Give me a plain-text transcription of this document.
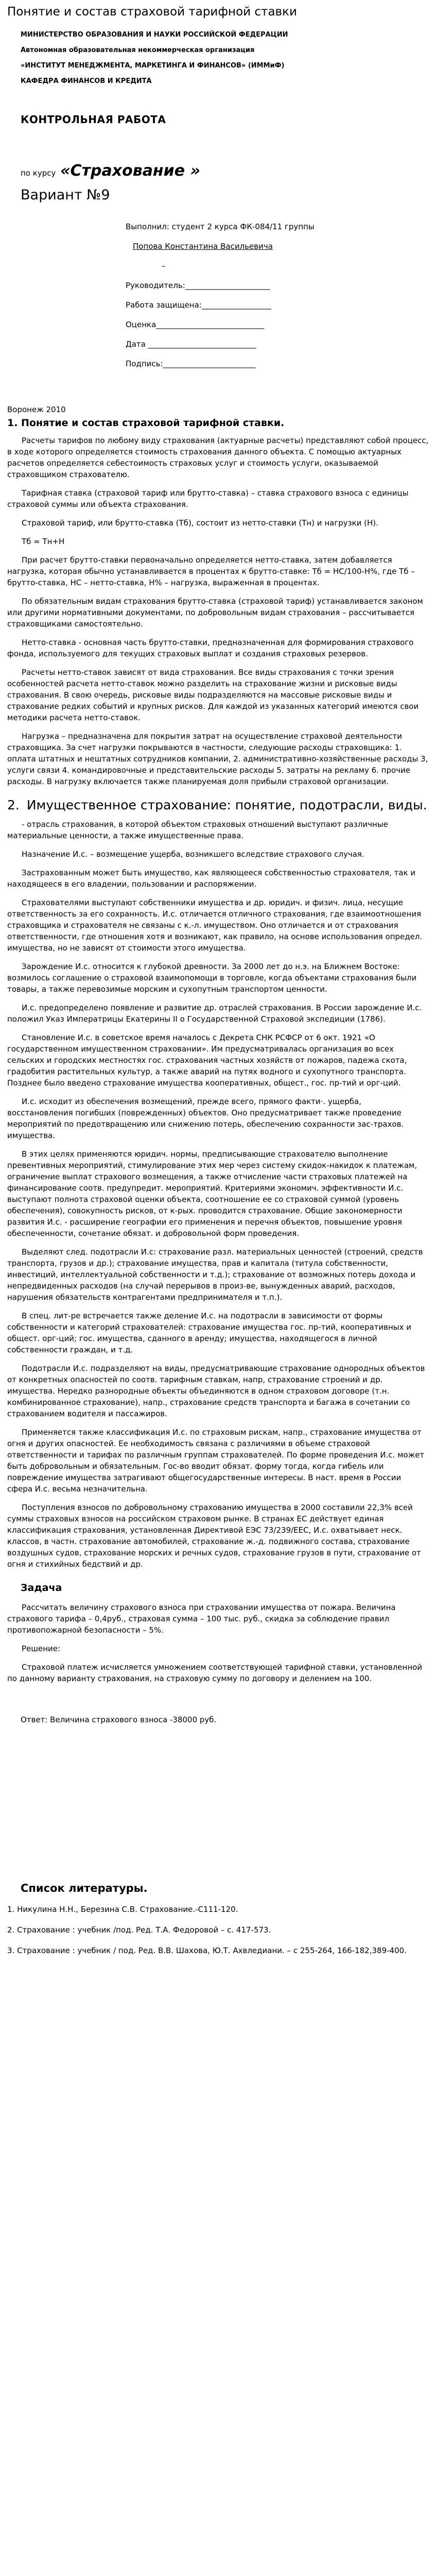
Понятие и состав страховой тарифной ставки
МИНИСТЕРСТВО ОБРАЗОВАНИЯ И НАУКИ РОССИЙСКОЙ ФЕДЕРАЦИИ
Автономная образовательная некоммерческая организация
«ИНСТИТУТ МЕНЕДЖМЕНТА, МАРКЕТИНГА И ФИНАНСОВ» (ИММиФ)
КАФЕДРА ФИНАНСОВ И КРЕДИТА
КОНТРОЛЬНАЯ РАБОТА
по курсу «Страхование »
Вариант №9
Выполнил: студент 2 курса ФК-084/11 группы
Попова Константина Васильевича
–
Руководитель:______________________
Работа защищена:__________________
Оценка____________________________
Дата ____________________________
Подпись:________________________
Воронеж 2010
1. Понятие и состав страховой тарифной ставки.

Расчеты тарифов по любому виду страхования (актуарные расчеты) представляют собой процесс, в ходе которого определяется стоимость страхования данного объекта. С помощью актуарных расчетов определяется себестоимость страховых услуг и стоимость услуги, оказываемой страховщиком страхователю.

Тарифная ставка (страховой тариф или брутто-ставка) – ставка страхового взноса с единицы страховой суммы или объекта страхования.

Страховой тариф, или брутто-ставка (Тб), состоит из нетто-ставки (Тн) и нагрузки (Н).

Тб = Тн+Н

При расчет брутто-ставки первоначально определяется нетто-ставка, затем добавляется нагрузка, которая обычно устанавливается в процентах к брутто-ставке: Тб = НС/100-Н%, где Тб – брутто-ставка, НС – нетто-ставка, Н% – нагрузка, выраженная в процентах.

По обязательным видам страхования брутто-ставка (страховой тариф) устанавливается законом или другими нормативными документами, по добровольным видам страхования – рассчитывается страховщиками самостоятельно.

Нетто-ставка - основная часть брутто-ставки, предназначенная для формирования страхового фонда, используемого для текущих страховых выплат и создания страховых резервов.

Расчеты нетто-ставок зависят от вида страхования. Все виды страхования с точки зрения особенностей расчета нетто-ставок можно разделить на страхование жизни и рисковые виды страхования. В свою очередь, рисковые виды подразделяются на массовые рисковые виды и страхование редких событий и крупных рисков. Для каждой из указанных категорий имеются свои методики расчета нетто-ставок.

Нагрузка – предназначена для покрытия затрат на осуществление страховой деятельности страховщика. За счет нагрузки покрываются в частности, следующие расходы страховщика: 1. оплата штатных и нештатных сотрудников компании, 2. административно-хозяйственные расходы 3, услуги связи 4. командировочные и представительские расходы 5. затраты на рекламу 6. прочие расходы. В нагрузку включается также планируемая доля прибыли страховой организации.

2. Имущественное страхование: понятие, подотрасли, виды.

- отрасль страхования, в которой объектом страховых отношений выступают различные материальные ценности, а также имущественные права.

Назначение И.с. – возмещение ущерба, возникшего вследствие страхового случая.

Застрахованным может быть имущество, как являющееся собственностью страхователя, так и находящееся в его владении, пользовании и распоряжении.

Страхователями выступают собственники имущества и др. юридич. и физич. лица, несущие ответственность за его сохранность. И.с. отличается отличного страхования, где взаимоотношения страховщика и страхователя не связаны с к.-л. имуществом. Оно отличается и от страхования ответственности, где отношения хотя и возникают, как правило, на основе использования определ. имущества, но не зависят от стоимости этого имущества.

Зарождение И.с. относится к глубокой древности. За 2000 лет до н.э. на Ближнем Востоке: возмилось соглашение о страховой взаимопомощи в торговле, когда объектами страхования были товары, а также перевозимые морским и сухопутным транспортом ценности.

И.с. предопределено появление и развитие др. отраслей страхования. В России зарождение И.с. положил Указ Императрицы Екатерины II о Государственной Страховой экспедиции (1786).

Становление И.с. в советское время началось с Декрета СНК РСФСР от 6 окт. 1921 «О государственном имущественном страховании». Им предусматривалась организация во всех сельских и городских местностях гос. страхования частных хозяйств от пожаров, падежа скота, градобития растительных культур, а также аварий на путях водного и сухопутного транспорта. Позднее было введено страхование имущества кооперативных, общест., гос. пр-тий и орг-ций.

И.с. исходит из обеспечения возмещений, прежде всего, прямого факти·. ущерба, восстановления погибших (поврежденных) объектов. Оно предусматривает также проведение мероприятий по предотвращению или снижению потерь, обеспечению сохранности зас-трахов. имущества.

В этих целях применяются юридич. нормы, предписывающие страхователю выполнение превентивных мероприятий, стимулирование этих мер через систему скидок-накидок к платежам, ограничение выплат страхового возмещения, а также отчисление части страховых платежей на финансирование соотв. предупредит. мероприятий. Критериями экономич. эффективности И.с. выступают полнота страховой оценки объекта, соотношение ее со страховой суммой (уровень обеспечения), совокупность рисков, от к-рых. проводится страхование. Общие закономерности развития И.с. - расширение географии его применения и перечня объектов, повышение уровня обеспеченности, сочетание обязат. и добровольной форм проведения.

Выделяют след. подотрасли И.с: страхование разл. материальных ценностей (строений, средств транспорта, грузов и др.); страхование имущества, прав и капитала (титула собственности, инвестиций, интеллектуальной собственности и т.д.); страхование от возможных потерь дохода и непредвиденных расходов (на случай перерывов в произ-ве, вынужденных аварий, расходов, нарушения обязательств контрагентами предпринимателя и т.п.).

В спец. лит-ре встречается также деление И.с. на подотрасли в зависимости от формы собственности и категорий страхователей: страхование имущества гос. пр-тий, кооперативных и общест. орг-ций; гос. имущества, сданного в аренду; имущества, находящегося в личной собственности граждан, и т.д.

Подотрасли И.с. подразделяют на виды, предусматривающие страхование однородных объектов от конкретных опасностей по соотв. тарифным ставкам, напр, страхование строений и др. имущества. Нередко разнородные объекты объединяются в одном страховом договоре (т.н. комбинированное страхование), напр., страхование средств транспорта и багажа в сочетании со страхованием водителя и пассажиров.

Применяется также классификация И.с. по страховым рискам, напр., страхование имущества от огня и других опасностей. Ее необходимость связана с различиями в объеме страховой ответственности и тарифах по различным группам страхователей. По форме проведения И.с. может быть добровольным и обязательным. Гос-во вводит обязат. форму тогда, когда гибель или повреждение имущества затрагивают общегосударственные интересы. В наст. время в России сфера И.с. весьма незначительна.

Поступления взносов по добровольному страхованию имущества в 2000 составили 22,3% всей суммы страховых взносов на российском страховом рынке. В странах ЕС действует единая классификация страхования, установленная Директивой ЕЭС 73/239/EEC, И.с. охватывает неск. классов, в частн. страхование автомобилей, страхование ж.-д. подвижного состава, страхование воздушных судов, страхование морских и речных судов, страхование грузов в пути, страхование от огня и стихийных бедствий и др.

Задача

Рассчитать величину страхового взноса при страховании имущества от пожара. Величина страхового тарифа – 0,4руб., страховая сумма – 100 тыс. руб., скидка за соблюдение правил противопожарной безопасности – 5%.

Решение:

Страховой платеж исчисляется умножением соответствующей тарифной ставки, установленной по данному варианту страхования, на страховую сумму по договору и делением на 100.

Ответ: Величина страхового взноса -38000 руб.
Список литературы.

1. Никулина Н.Н., Березина С.В. Страхование.-С111-120.

2. Страхование : учебник /под. Ред. Т.А. Федоровой – с. 417-573.

3. Страхование : учебник / под. Ред. В.В. Шахова, Ю.Т. Ахвледиани. – с 255-264, 166-182,389-400.
